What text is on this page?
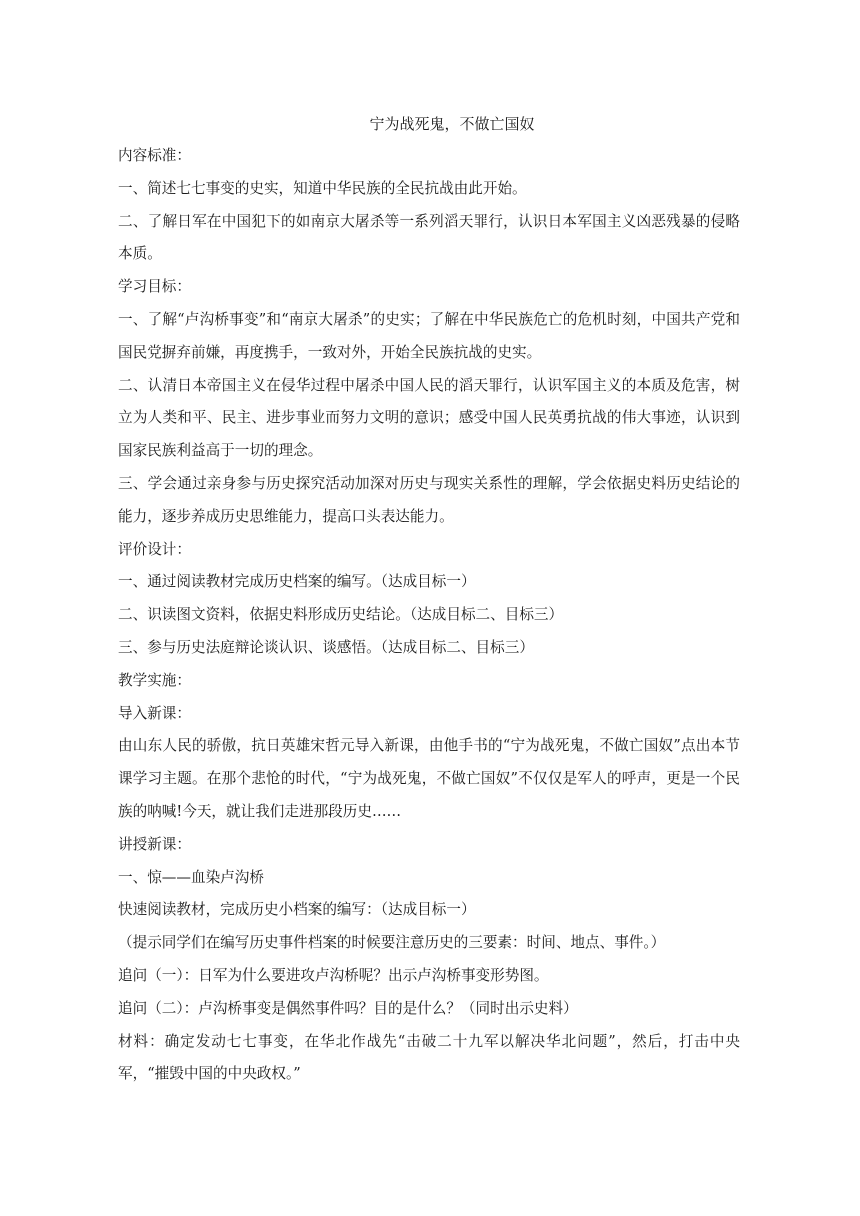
宁为战死鬼，不做亡国奴

内容标准：

一、简述七七事变的史实，知道中华民族的全民抗战由此开始。

二、了解日军在中国犯下的如南京大屠杀等一系列滔天罪行，认识日本军国主义凶恶残暴的侵略本质。

学习目标：

一、了解“卢沟桥事变”和“南京大屠杀”的史实；了解在中华民族危亡的危机时刻，中国共产党和国民党摒弃前嫌，再度携手，一致对外，开始全民族抗战的史实。

二、认清日本帝国主义在侵华过程中屠杀中国人民的滔天罪行，认识军国主义的本质及危害，树立为人类和平、民主、进步事业而努力文明的意识；感受中国人民英勇抗战的伟大事迹，认识到国家民族利益高于一切的理念。

三、学会通过亲身参与历史探究活动加深对历史与现实关系性的理解，学会依据史料历史结论的能力，逐步养成历史思维能力，提高口头表达能力。

评价设计：

一、通过阅读教材完成历史档案的编写。（达成目标一）

二、识读图文资料，依据史料形成历史结论。（达成目标二、目标三）

三、参与历史法庭辩论谈认识、谈感悟。（达成目标二、目标三）

教学实施：

导入新课：

由山东人民的骄傲，抗日英雄宋哲元导入新课，由他手书的“宁为战死鬼，不做亡国奴”点出本节课学习主题。在那个悲怆的时代，“宁为战死鬼，不做亡国奴”不仅仅是军人的呼声，更是一个民族的呐喊!今天，就让我们走进那段历史……

讲授新课：

一、惊——血染卢沟桥

快速阅读教材，完成历史小档案的编写：（达成目标一）

（提示同学们在编写历史事件档案的时候要注意历史的三要素：时间、地点、事件。）

追问（一）：日军为什么要进攻卢沟桥呢？出示卢沟桥事变形势图。

追问（二）：卢沟桥事变是偶然事件吗？目的是什么？（同时出示史料）

材料：确定发动七七事变，在华北作战先“击破二十九军以解决华北问题”，然后，打击中央军，“摧毁中国的中央政权。”
